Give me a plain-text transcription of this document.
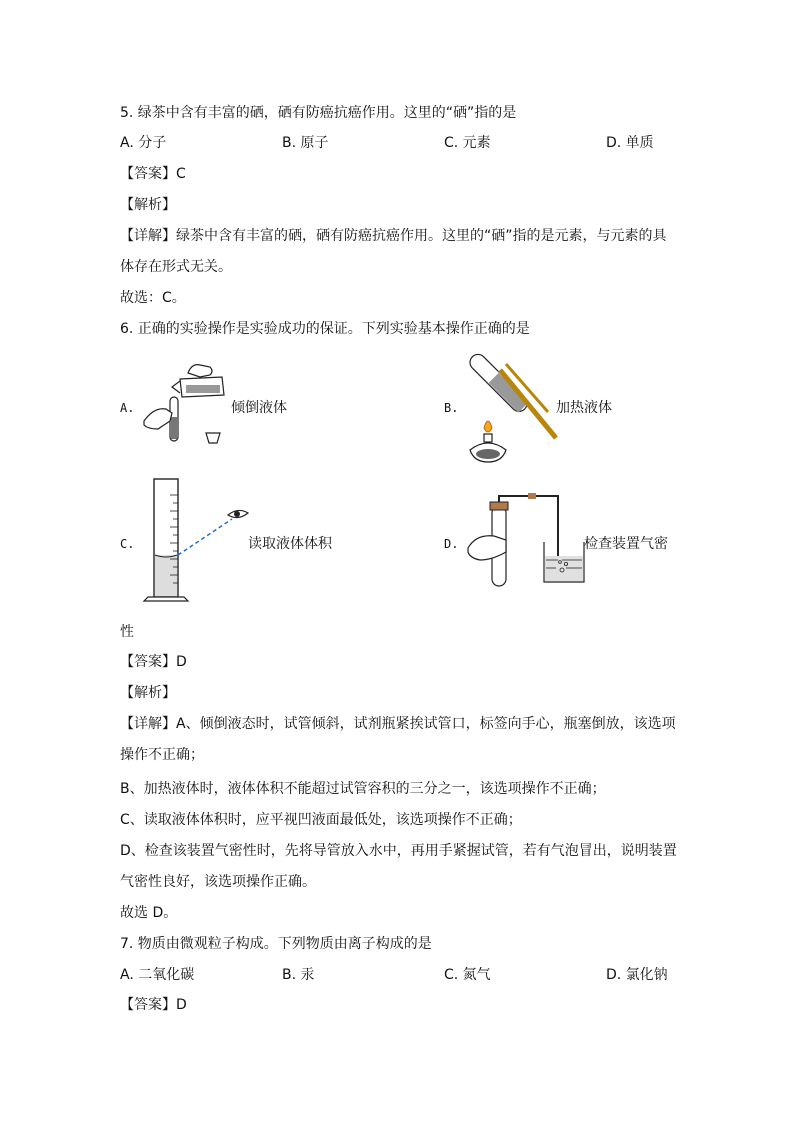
5. 绿茶中含有丰富的硒，硒有防癌抗癌作用。这里的“硒”指的是
A. 分子	B. 原子	C. 元素	D. 单质
【答案】C
【解析】
【详解】绿茶中含有丰富的硒，硒有防癌抗癌作用。这里的“硒”指的是元素，与元素的具
体存在形式无关。
故选：C。
6. 正确的实验操作是实验成功的保证。下列实验基本操作正确的是
A.	倾倒液体	B.	加热液体
C.	读取液体体积	D.	检查装置气密
性
【答案】D
【解析】
【详解】A、倾倒液态时，试管倾斜，试剂瓶紧挨试管口，标签向手心，瓶塞倒放，该选项
操作不正确；
B、加热液体时，液体体积不能超过试管容积的三分之一，该选项操作不正确；
C、读取液体体积时，应平视凹液面最低处，该选项操作不正确；
D、检查该装置气密性时，先将导管放入水中，再用手紧握试管，若有气泡冒出，说明装置
气密性良好，该选项操作正确。
故选 D。
7. 物质由微观粒子构成。下列物质由离子构成的是
A. 二氧化碳	B. 汞	C. 氮气	D. 氯化钠
【答案】D
